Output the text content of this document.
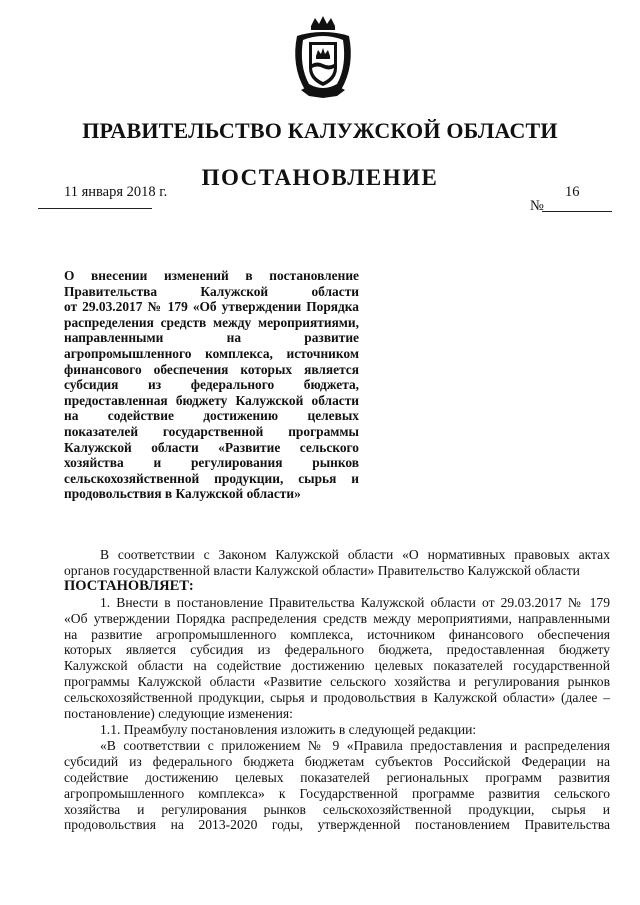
ПРАВИТЕЛЬСТВО КАЛУЖСКОЙ ОБЛАСТИ
ПОСТАНОВЛЕНИЕ
11 января 2018 г.	16
№
О внесении изменений в постановление
Правительства Калужской области
от 29.03.2017 № 179 «Об утверждении Порядка
распределения средств между мероприятиями,
направленными на развитие
агропромышленного комплекса, источником
финансового обеспечения которых является
субсидия из федерального бюджета,
предоставленная бюджету Калужской области
на содействие достижению целевых
показателей государственной программы
Калужской области «Развитие сельского
хозяйства и регулирования рынков
сельскохозяйственной продукции, сырья и
продовольствия в Калужской области»
В соответствии с Законом Калужской области «О нормативных правовых актах
органов государственной власти Калужской области» Правительство Калужской области
ПОСТАНОВЛЯЕТ:
1. Внести в постановление Правительства Калужской области от 29.03.2017 № 179
«Об утверждении Порядка распределения средств между мероприятиями, направленными
на развитие агропромышленного комплекса, источником финансового обеспечения
которых является субсидия из федерального бюджета, предоставленная бюджету
Калужской области на содействие достижению целевых показателей государственной
программы Калужской области «Развитие сельского хозяйства и регулирования рынков
сельскохозяйственной продукции, сырья и продовольствия в Калужской области» (далее –
постановление) следующие изменения:
1.1. Преамбулу постановления изложить в следующей редакции:
«В соответствии с приложением № 9 «Правила предоставления и распределения
субсидий из федерального бюджета бюджетам субъектов Российской Федерации на
содействие достижению целевых показателей региональных программ развития
агропромышленного комплекса» к Государственной программе развития сельского
хозяйства и регулирования рынков сельскохозяйственной продукции, сырья и
продовольствия на 2013-2020 годы, утвержденной постановлением Правительства
